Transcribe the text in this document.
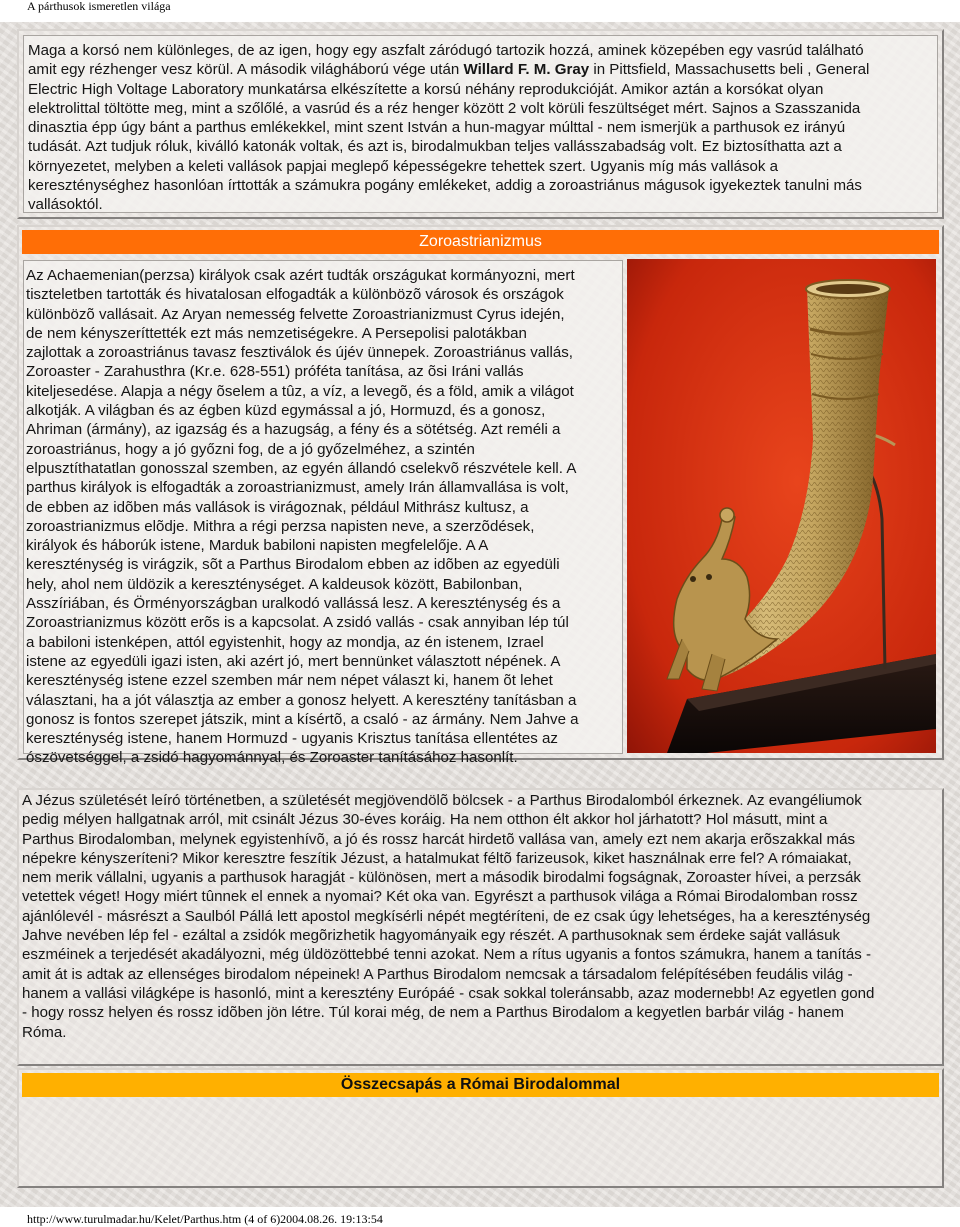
A párthusok ismeretlen világa
Maga a korsó nem különleges, de az igen, hogy egy aszfalt záródugó tartozik hozzá, aminek közepében egy vasrúd található
amit egy rézhenger vesz körül. A második világháború vége után Willard F. M. Gray in Pittsfield, Massachusetts beli , General
Electric High Voltage Laboratory munkatársa elkészítette a korsú néhány reprodukcióját. Amikor aztán a korsókat olyan
elektrolittal töltötte meg, mint a szőlőlé, a vasrúd és a réz henger között 2 volt körüli feszültséget mért. Sajnos a Szasszanida
dinasztia épp úgy bánt a parthus emlékekkel, mint szent István a hun-magyar múlttal - nem ismerjük a parthusok ez irányú
tudását. Azt tudjuk róluk, kiválló katonák voltak, és azt is, birodalmukban teljes vallásszabadság volt. Ez biztosíthatta azt a
környezetet, melyben a keleti vallások papjai meglepő képességekre tehettek szert. Ugyanis míg más vallások a
kereszténységhez hasonlóan írttották a számukra pogány emlékeket, addig a zoroastriánus mágusok igyekeztek tanulni más
vallásoktól.
Zoroastrianizmus
Az Achaemenian(perzsa) királyok csak azért tudták országukat kormányozni, mert
tiszteletben tartották és hivatalosan elfogadták a különbözõ városok és országok
különbözõ vallásait. Az Aryan nemesség felvette Zoroastrianizmust Cyrus idején,
de nem kényszeríttették ezt más nemzetiségekre. A Persepolisi palotákban
zajlottak a zoroastriánus tavasz fesztiválok és újév ünnepek. Zoroastriánus vallás,
Zoroaster - Zarahusthra (Kr.e. 628-551) próféta tanítása, az õsi Iráni vallás
kiteljesedése. Alapja a négy õselem a tûz, a víz, a levegõ, és a föld, amik a világot
alkotják. A világban és az égben küzd egymással a jó, Hormuzd, és a gonosz,
Ahriman (ármány), az igazság és a hazugság, a fény és a sötétség. Azt reméli a
zoroastriánus, hogy a jó győzni fog, de a jó győzelméhez, a szintén
elpusztíthatatlan gonosszal szemben, az egyén állandó cselekvõ részvétele kell. A
parthus királyok is elfogadták a zoroastrianizmust, amely Irán államvallása is volt,
de ebben az idõben más vallások is virágoznak, például Mithrász kultusz, a
zoroastrianizmus elõdje. Mithra a régi perzsa napisten neve, a szerzõdések,
királyok és háborúk istene, Marduk babiloni napisten megfelelője. A A
kereszténység is virágzik, sõt a Parthus Birodalom ebben az idõben az egyedüli
hely, ahol nem üldözik a kereszténységet. A kaldeusok között, Babilonban,
Asszíriában, és Örményországban uralkodó vallássá lesz. A kereszténység és a
Zoroastrianizmus között erõs is a kapcsolat. A zsidó vallás - csak annyiban lép túl
a babiloni istenképen, attól egyistenhit, hogy az mondja, az én istenem, Izrael
istene az egyedüli igazi isten, aki azért jó, mert bennünket választott népének. A
kereszténység istene ezzel szemben már nem népet választ ki, hanem õt lehet
választani, ha a jót választja az ember a gonosz helyett. A keresztény tanításban a
gonosz is fontos szerepet játszik, mint a kísértõ, a csaló - az ármány. Nem Jahve a
kereszténység istene, hanem Hormuzd - ugyanis Krisztus tanítása ellentétes az
ószövetséggel, a zsidó hagyománnyal, és Zoroaster tanításához hasonlít.
A Jézus születését leíró történetben, a születését megjövendölõ bölcsek - a Parthus Birodalomból érkeznek. Az evangéliumok
pedig mélyen hallgatnak arról, mit csinált Jézus 30-éves koráig. Ha nem otthon élt akkor hol járhatott? Hol másutt, mint a
Parthus Birodalomban, melynek egyistenhívõ, a jó és rossz harcát hirdetõ vallása van, amely ezt nem akarja erõszakkal más
népekre kényszeríteni? Mikor keresztre feszítik Jézust, a hatalmukat féltõ farizeusok, kiket használnak erre fel? A rómaiakat,
nem merik vállalni, ugyanis a parthusok haragját - különösen, mert a második birodalmi fogságnak, Zoroaster hívei, a perzsák
vetettek véget! Hogy miért tûnnek el ennek a nyomai? Két oka van. Egyrészt a parthusok világa a Római Birodalomban rossz
ajánlólevél - másrészt a Saulból Pállá lett apostol megkísérli népét megtéríteni, de ez csak úgy lehetséges, ha a kereszténység
Jahve nevében lép fel - ezáltal a zsidók megõrizhetik hagyományaik egy részét. A parthusoknak sem érdeke saját vallásuk
eszméinek a terjedését akadályozni, még üldözöttebbé tenni azokat. Nem a rítus ugyanis a fontos számukra, hanem a tanítás -
amit át is adtak az ellenséges birodalom népeinek! A Parthus Birodalom nemcsak a társadalom felépítésében feudális világ -
hanem a vallási világképe is hasonló, mint a keresztény Európáé - csak sokkal toleránsabb, azaz modernebb! Az egyetlen gond
- hogy rossz helyen és rossz idõben jön létre. Túl korai még, de nem a Parthus Birodalom a kegyetlen barbár világ - hanem
Róma.
Összecsapás a Római Birodalommal
http://www.turulmadar.hu/Kelet/Parthus.htm (4 of 6)2004.08.26. 19:13:54
